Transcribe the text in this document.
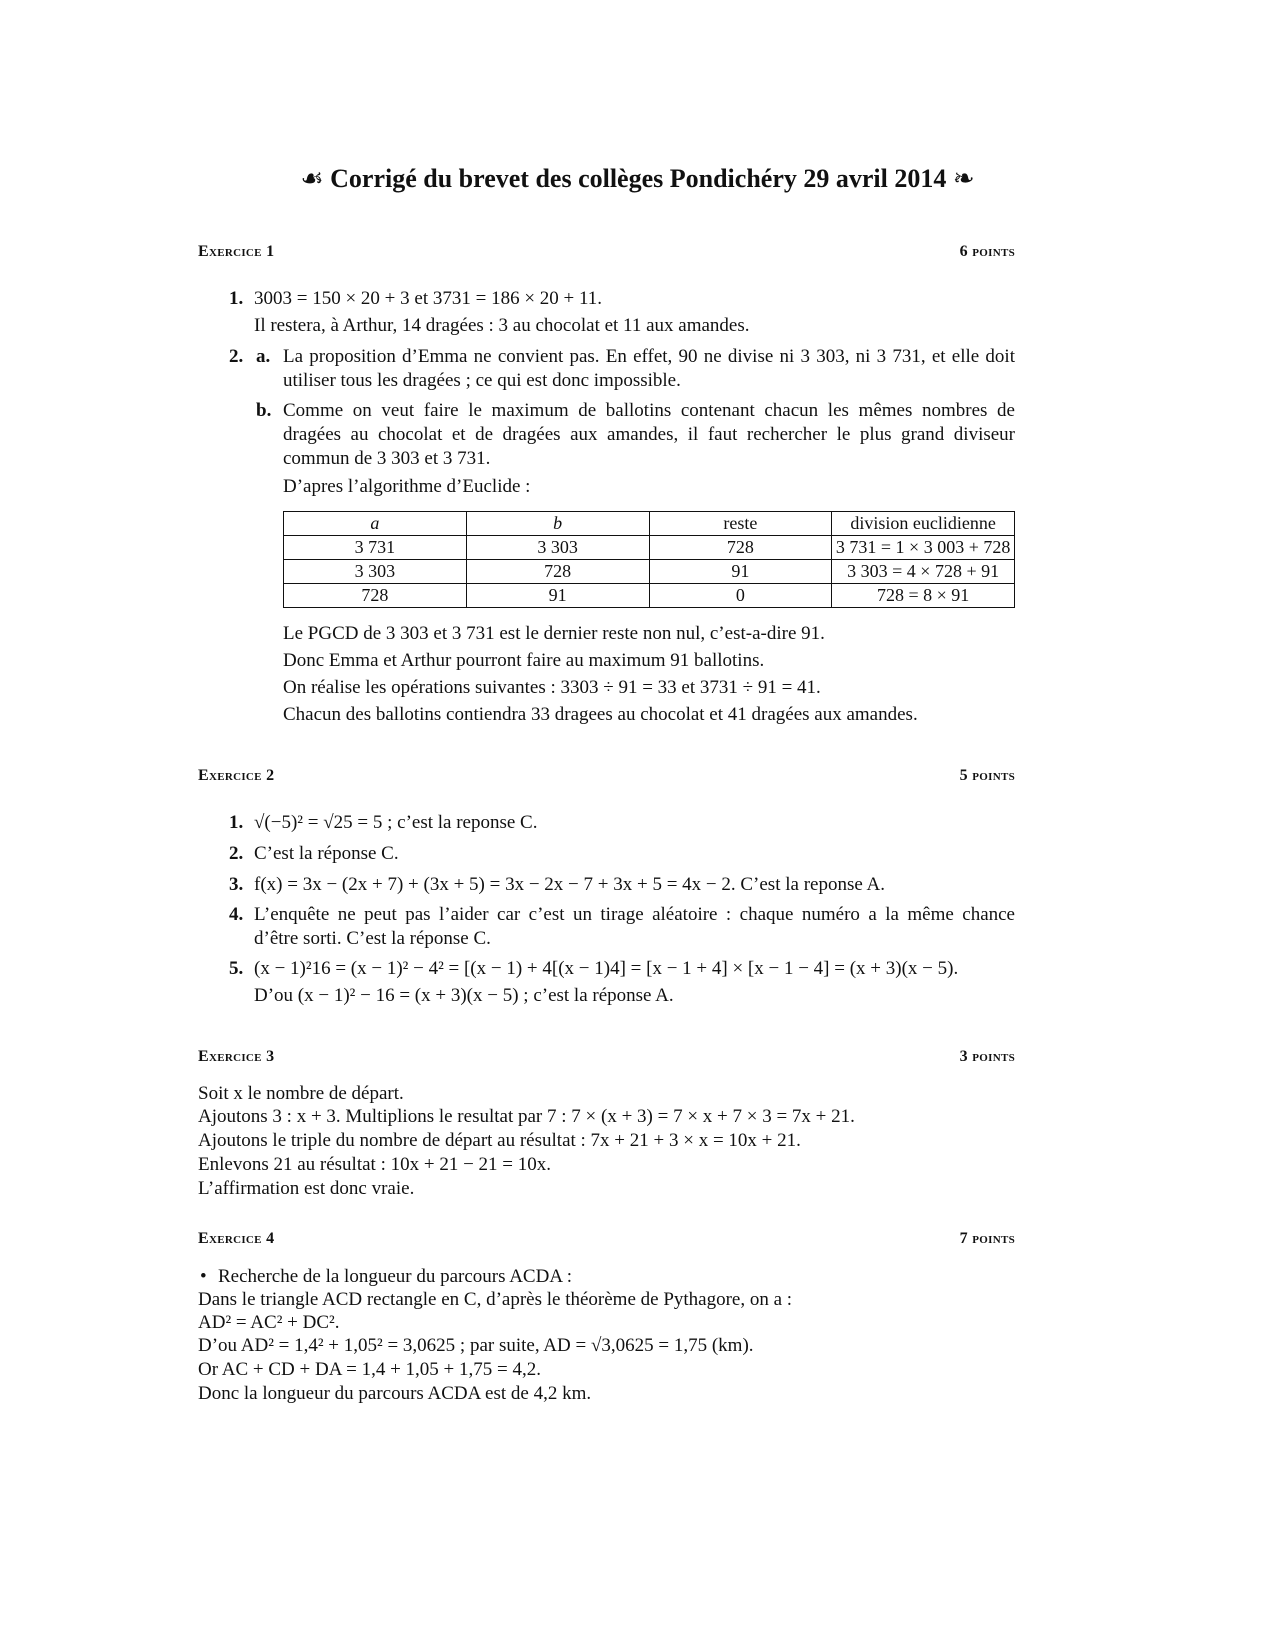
☙ Corrigé du brevet des collèges Pondichéry 29 avril 2014 ❧
Exercice 1	6 points
1. 3003 = 150 × 20 + 3 et 3731 = 186 × 20 + 11.
Il restera, à Arthur, 14 dragées : 3 au chocolat et 11 aux amandes.
2. a. La proposition d’Emma ne convient pas. En effet, 90 ne divise ni 3 303, ni 3 731, et elle doit
utiliser tous les dragées ; ce qui est donc impossible.
b. Comme on veut faire le maximum de ballotins contenant chacun les mêmes nombres de
dragées au chocolat et de dragées aux amandes, il faut rechercher le plus grand diviseur
commun de 3 303 et 3 731.
D’apres l’algorithme d’Euclide :
a	b	reste	division euclidienne
3 731	3 303	728	3 731 = 1 × 3 003 + 728
3 303	728	91	3 303 = 4 × 728 + 91
728	91	0	728 = 8 × 91
Le PGCD de 3 303 et 3 731 est le dernier reste non nul, c’est-a-dire 91.
Donc Emma et Arthur pourront faire au maximum 91 ballotins.
On réalise les opérations suivantes : 3303 ÷ 91 = 33 et 3731 ÷ 91 = 41.
Chacun des ballotins contiendra 33 dragees au chocolat et 41 dragées aux amandes.
Exercice 2	5 points
1. √(−5)² = √25 = 5 ; c’est la reponse C.
2. C’est la réponse C.
3. f(x) = 3x − (2x + 7) + (3x + 5) = 3x − 2x − 7 + 3x + 5 = 4x − 2. C’est la reponse A.
4. L’enquête ne peut pas l’aider car c’est un tirage aléatoire : chaque numéro a la même chance
d’être sorti. C’est la réponse C.
5. (x − 1)²16 = (x − 1)² − 4² = [(x − 1) + 4[(x − 1)4] = [x − 1 + 4] × [x − 1 − 4] = (x + 3)(x − 5).
D’ou (x − 1)² − 16 = (x + 3)(x − 5) ; c’est la réponse A.
Exercice 3	3 points
Soit x le nombre de départ.
Ajoutons 3 : x + 3. Multiplions le resultat par 7 : 7 × (x + 3) = 7 × x + 7 × 3 = 7x + 21.
Ajoutons le triple du nombre de départ au résultat : 7x + 21 + 3 × x = 10x + 21.
Enlevons 21 au résultat : 10x + 21 − 21 = 10x.
L’affirmation est donc vraie.
Exercice 4	7 points
• Recherche de la longueur du parcours ACDA :
Dans le triangle ACD rectangle en C, d’après le théorème de Pythagore, on a :
AD² = AC² + DC².
D’ou AD² = 1,4² + 1,05² = 3,0625 ; par suite, AD = √3,0625 = 1,75 (km).
Or AC + CD + DA = 1,4 + 1,05 + 1,75 = 4,2.
Donc la longueur du parcours ACDA est de 4,2 km.
